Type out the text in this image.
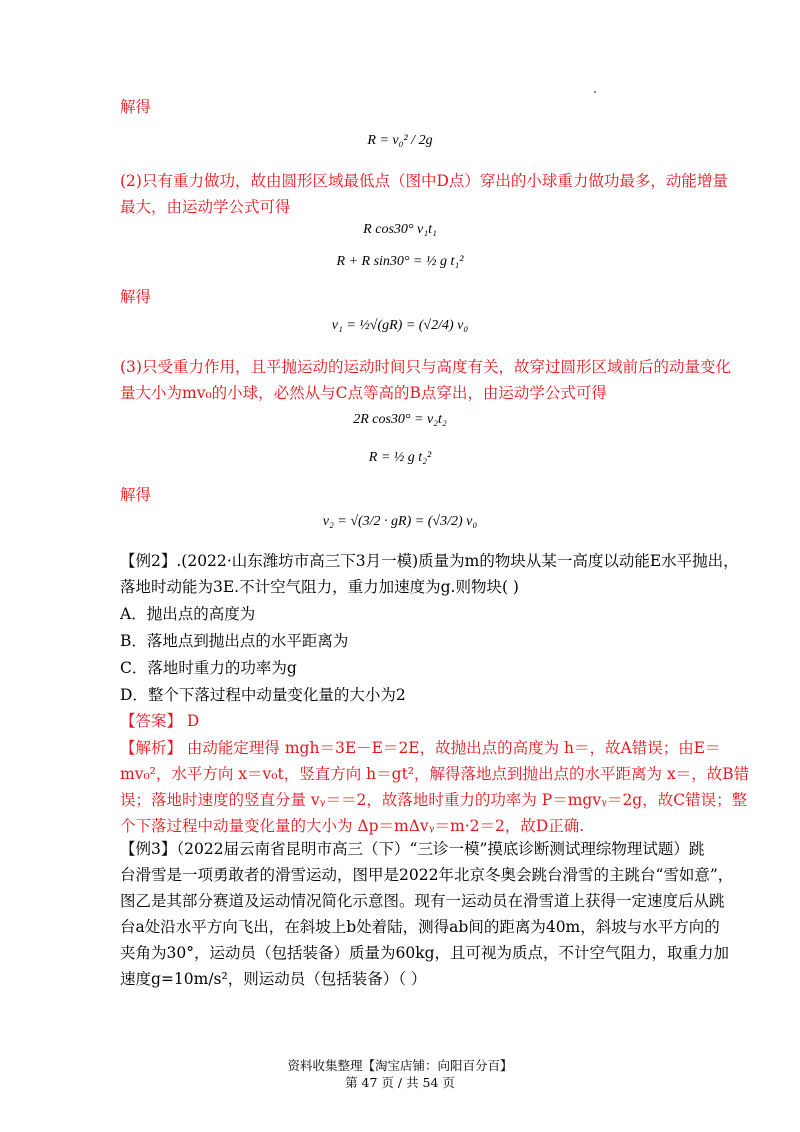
解得
R = v₀² / 2g
(2)只有重力做功，故由圆形区域最低点（图中D点）穿出的小球重力做功最多，动能增量
最大，由运动学公式可得
R cos30° v₁t₁
R + R sin30° = ½ g t₁²
解得
v₁ = ½√(gR) = (√2/4) v₀
(3)只受重力作用，且平抛运动的运动时间只与高度有关，故穿过圆形区域前后的动量变化
量大小为mv₀的小球，必然从与C点等高的B点穿出，由运动学公式可得
2R cos30° = v₂t₂
R = ½ g t₂²
解得
v₂ = √(3/2 · gR) = (√3/2) v₀
【例2】.(2022·山东潍坊市高三下3月一模)质量为m的物块从某一高度以动能E水平抛出，
落地时动能为3E.不计空气阻力，重力加速度为g.则物块( )
A．抛出点的高度为
B．落地点到抛出点的水平距离为
C．落地时重力的功率为g
D．整个下落过程中动量变化量的大小为2
【答案】 D
【解析】 由动能定理得 mgh＝3E－E＝2E，故抛出点的高度为 h＝，故A错误；由E＝
mv₀²，水平方向 x＝v₀t，竖直方向 h＝gt²，解得落地点到抛出点的水平距离为 x＝，故B错
误；落地时速度的竖直分量 vᵧ＝＝2，故落地时重力的功率为 P＝mgvᵧ＝2g，故C错误；整
个下落过程中动量变化量的大小为 Δp＝mΔvᵧ＝m·2＝2，故D正确.
【例3】（2022届云南省昆明市高三（下）“三诊一模”摸底诊断测试理综物理试题）跳
台滑雪是一项勇敢者的滑雪运动，图甲是2022年北京冬奥会跳台滑雪的主跳台“雪如意”，
图乙是其部分赛道及运动情况简化示意图。现有一运动员在滑雪道上获得一定速度后从跳
台a处沿水平方向飞出，在斜坡上b处着陆，测得ab间的距离为40m，斜坡与水平方向的
夹角为30°，运动员（包括装备）质量为60kg，且可视为质点，不计空气阻力，取重力加
速度g=10m/s²，则运动员（包括装备）（ ）
资料收集整理【淘宝店铺：向阳百分百】
第 47 页 / 共 54 页
